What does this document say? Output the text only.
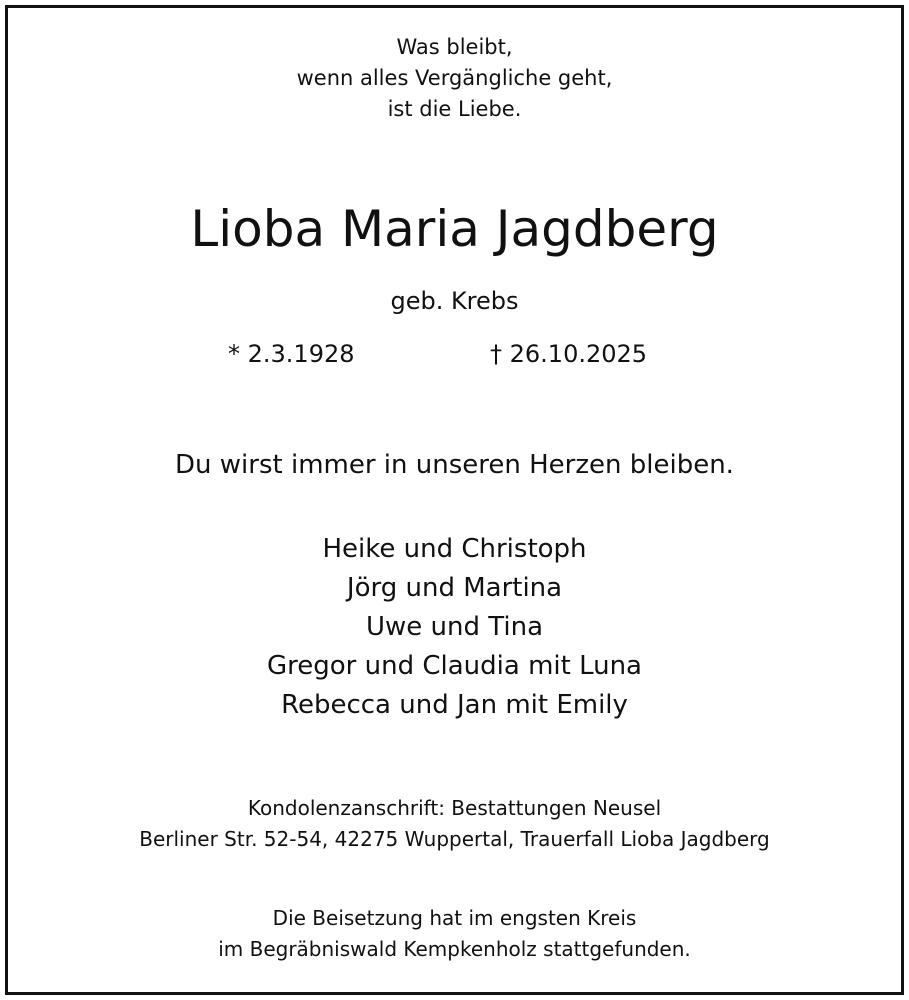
Was bleibt,
wenn alles Vergängliche geht,
ist die Liebe.
Lioba Maria Jagdberg
geb. Krebs
* 2.3.1928	† 26.10.2025
Du wirst immer in unseren Herzen bleiben.
Heike und Christoph
Jörg und Martina
Uwe und Tina
Gregor und Claudia mit Luna
Rebecca und Jan mit Emily
Kondolenzanschrift: Bestattungen Neusel
Berliner Str. 52-54, 42275 Wuppertal, Trauerfall Lioba Jagdberg
Die Beisetzung hat im engsten Kreis
im Begräbniswald Kempkenholz stattgefunden.
